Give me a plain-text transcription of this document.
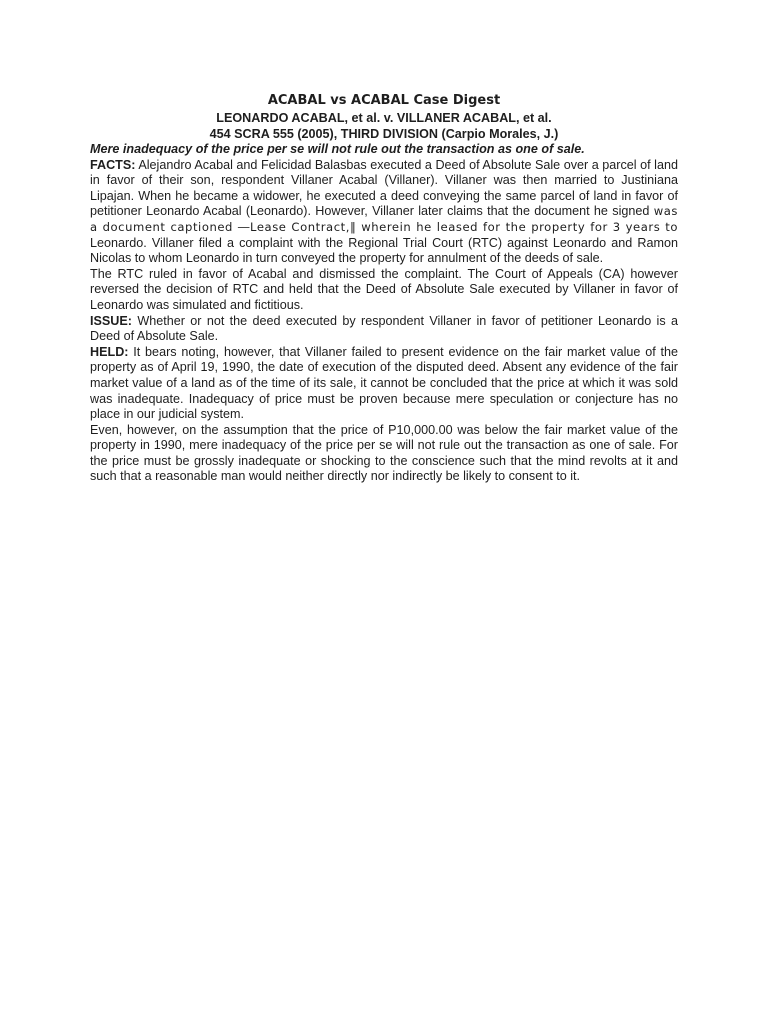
ACABAL vs ACABAL Case Digest
LEONARDO ACABAL, et al. v. VILLANER ACABAL, et al.
454 SCRA 555 (2005), THIRD DIVISION (Carpio Morales, J.)

Mere inadequacy of the price per se will not rule out the transaction as one of sale.

FACTS: Alejandro Acabal and Felicidad Balasbas executed a Deed of Absolute Sale over a parcel of land in favor of their son, respondent Villaner Acabal (Villaner). Villaner was then married to Justiniana Lipajan. When he became a widower, he executed a deed conveying the same parcel of land in favor of petitioner Leonardo Acabal (Leonardo). However, Villaner later claims that the document he signed was a document captioned ―Lease Contract,‖ wherein he leased for the property for 3 years to Leonardo. Villaner filed a complaint with the Regional Trial Court (RTC) against Leonardo and Ramon Nicolas to whom Leonardo in turn conveyed the property for annulment of the deeds of sale.

The RTC ruled in favor of Acabal and dismissed the complaint. The Court of Appeals (CA) however reversed the decision of RTC and held that the Deed of Absolute Sale executed by Villaner in favor of Leonardo was simulated and fictitious.

ISSUE: Whether or not the deed executed by respondent Villaner in favor of petitioner Leonardo is a Deed of Absolute Sale.

HELD: It bears noting, however, that Villaner failed to present evidence on the fair market value of the property as of April 19, 1990, the date of execution of the disputed deed. Absent any evidence of the fair market value of a land as of the time of its sale, it cannot be concluded that the price at which it was sold was inadequate. Inadequacy of price must be proven because mere speculation or conjecture has no place in our judicial system.

Even, however, on the assumption that the price of P10,000.00 was below the fair market value of the property in 1990, mere inadequacy of the price per se will not rule out the transaction as one of sale. For the price must be grossly inadequate or shocking to the conscience such that the mind revolts at it and such that a reasonable man would neither directly nor indirectly be likely to consent to it.
